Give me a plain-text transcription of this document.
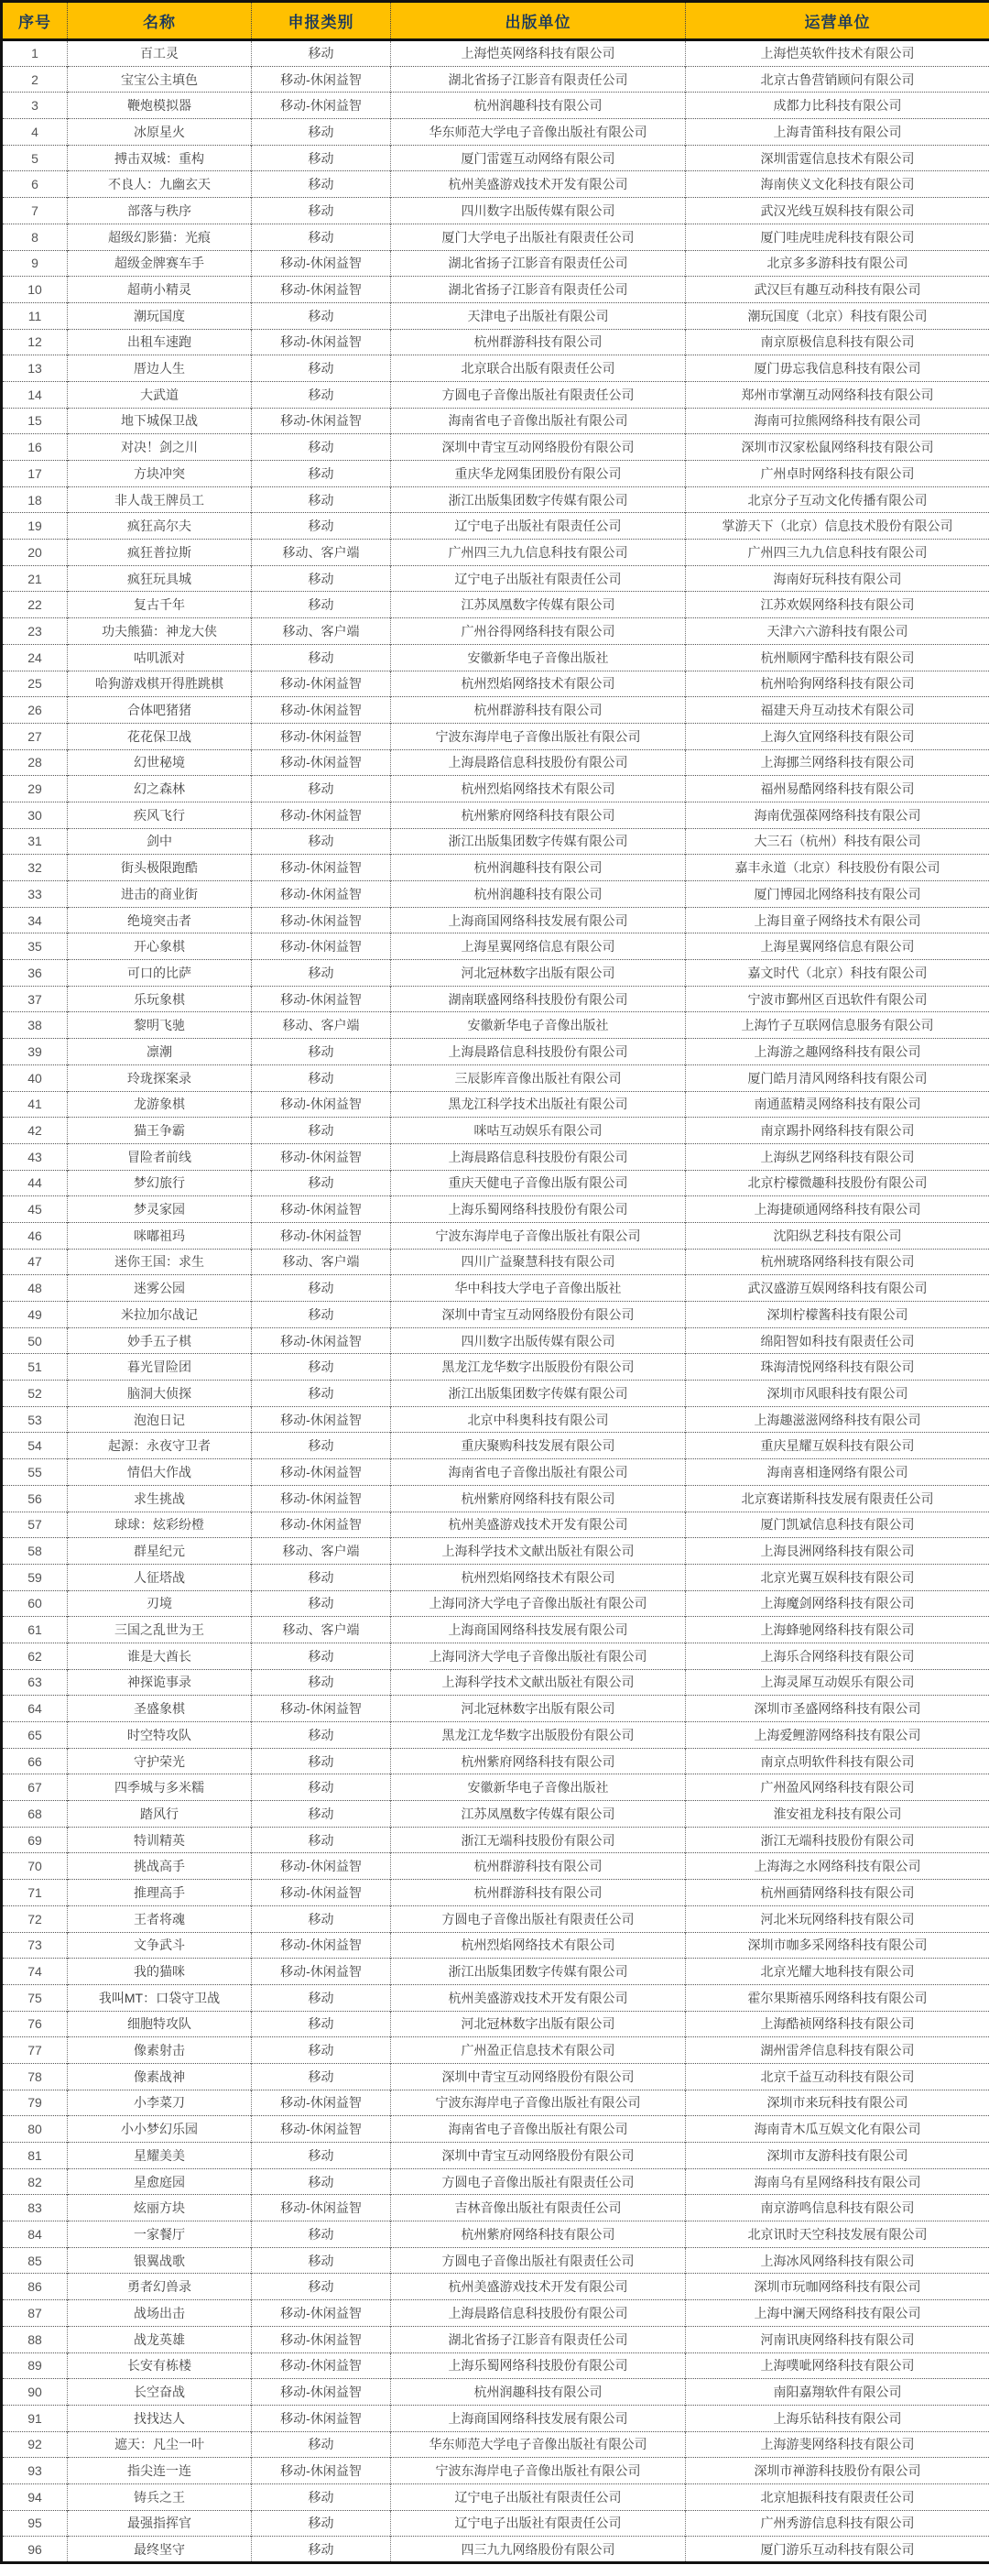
序号	名称	申报类别	出版单位	运营单位
1	百工灵	移动	上海恺英网络科技有限公司	上海恺英软件技术有限公司
2	宝宝公主填色	移动-休闲益智	湖北省扬子江影音有限责任公司	北京古鲁营销顾问有限公司
3	鞭炮模拟器	移动-休闲益智	杭州润趣科技有限公司	成都力比科技有限公司
4	冰原星火	移动	华东师范大学电子音像出版社有限公司	上海青笛科技有限公司
5	搏击双城：重构	移动	厦门雷霆互动网络有限公司	深圳雷霆信息技术有限公司
6	不良人：九幽玄天	移动	杭州美盛游戏技术开发有限公司	海南侠义文化科技有限公司
7	部落与秩序	移动	四川数字出版传媒有限公司	武汉光线互娱科技有限公司
8	超级幻影猫：光痕	移动	厦门大学电子出版社有限责任公司	厦门哇虎哇虎科技有限公司
9	超级金牌赛车手	移动-休闲益智	湖北省扬子江影音有限责任公司	北京多多游科技有限公司
10	超萌小精灵	移动-休闲益智	湖北省扬子江影音有限责任公司	武汉巨有趣互动科技有限公司
11	潮玩国度	移动	天津电子出版社有限公司	潮玩国度（北京）科技有限公司
12	出租车速跑	移动-休闲益智	杭州群游科技有限公司	南京原极信息科技有限公司
13	厝边人生	移动	北京联合出版有限责任公司	厦门毋忘我信息科技有限公司
14	大武道	移动	方圆电子音像出版社有限责任公司	郑州市掌潮互动网络科技有限公司
15	地下城保卫战	移动-休闲益智	海南省电子音像出版社有限公司	海南可拉熊网络科技有限公司
16	对决！剑之川	移动	深圳中青宝互动网络股份有限公司	深圳市汉家松鼠网络科技有限公司
17	方块冲突	移动	重庆华龙网集团股份有限公司	广州卓时网络科技有限公司
18	非人哉王牌员工	移动	浙江出版集团数字传媒有限公司	北京分子互动文化传播有限公司
19	疯狂高尔夫	移动	辽宁电子出版社有限责任公司	掌游天下（北京）信息技术股份有限公司
20	疯狂普拉斯	移动、客户端	广州四三九九信息科技有限公司	广州四三九九信息科技有限公司
21	疯狂玩具城	移动	辽宁电子出版社有限责任公司	海南好玩科技有限公司
22	复古千年	移动	江苏凤凰数字传媒有限公司	江苏欢娱网络科技有限公司
23	功夫熊猫：神龙大侠	移动、客户端	广州谷得网络科技有限公司	天津六六游科技有限公司
24	咕叽派对	移动	安徽新华电子音像出版社	杭州顺网宇酷科技有限公司
25	哈狗游戏棋开得胜跳棋	移动-休闲益智	杭州烈焰网络技术有限公司	杭州哈狗网络科技有限公司
26	合体吧猪猪	移动-休闲益智	杭州群游科技有限公司	福建天舟互动技术有限公司
27	花花保卫战	移动-休闲益智	宁波东海岸电子音像出版社有限公司	上海久宜网络科技有限公司
28	幻世秘境	移动-休闲益智	上海晨路信息科技股份有限公司	上海挪兰网络科技有限公司
29	幻之森林	移动	杭州烈焰网络技术有限公司	福州易酷网络科技有限公司
30	疾风飞行	移动-休闲益智	杭州紫府网络科技有限公司	海南优强葆网络科技有限公司
31	剑中	移动	浙江出版集团数字传媒有限公司	大三石（杭州）科技有限公司
32	街头极限跑酷	移动-休闲益智	杭州润趣科技有限公司	嘉丰永道（北京）科技股份有限公司
33	进击的商业街	移动-休闲益智	杭州润趣科技有限公司	厦门博园北网络科技有限公司
34	绝境突击者	移动-休闲益智	上海商国网络科技发展有限公司	上海目童子网络技术有限公司
35	开心象棋	移动-休闲益智	上海星翼网络信息有限公司	上海星翼网络信息有限公司
36	可口的比萨	移动	河北冠林数字出版有限公司	嘉文时代（北京）科技有限公司
37	乐玩象棋	移动-休闲益智	湖南联盛网络科技股份有限公司	宁波市鄞州区百迅软件有限公司
38	黎明飞驰	移动、客户端	安徽新华电子音像出版社	上海竹子互联网信息服务有限公司
39	凛潮	移动	上海晨路信息科技股份有限公司	上海游之趣网络科技有限公司
40	玲珑探案录	移动	三辰影库音像出版社有限公司	厦门皓月清风网络科技有限公司
41	龙游象棋	移动-休闲益智	黑龙江科学技术出版社有限公司	南通蓝精灵网络科技有限公司
42	猫王争霸	移动	咪咕互动娱乐有限公司	南京踢扑网络科技有限公司
43	冒险者前线	移动-休闲益智	上海晨路信息科技股份有限公司	上海纵艺网络科技有限公司
44	梦幻旅行	移动	重庆天健电子音像出版有限公司	北京柠檬微趣科技股份有限公司
45	梦灵家园	移动-休闲益智	上海乐蜀网络科技股份有限公司	上海捷硕通网络科技有限公司
46	咪嘟祖玛	移动-休闲益智	宁波东海岸电子音像出版社有限公司	沈阳纵艺科技有限公司
47	迷你王国：求生	移动、客户端	四川广益聚慧科技有限公司	杭州琥珞网络科技有限公司
48	迷雾公园	移动	华中科技大学电子音像出版社	武汉盛游互娱网络科技有限公司
49	米拉加尔战记	移动	深圳中青宝互动网络股份有限公司	深圳柠檬酱科技有限公司
50	妙手五子棋	移动-休闲益智	四川数字出版传媒有限公司	绵阳智如科技有限责任公司
51	暮光冒险团	移动	黑龙江龙华数字出版股份有限公司	珠海清悦网络科技有限公司
52	脑洞大侦探	移动	浙江出版集团数字传媒有限公司	深圳市风眼科技有限公司
53	泡泡日记	移动-休闲益智	北京中科奥科技有限公司	上海趣滋滋网络科技有限公司
54	起源：永夜守卫者	移动	重庆聚购科技发展有限公司	重庆星耀互娱科技有限公司
55	情侣大作战	移动-休闲益智	海南省电子音像出版社有限公司	海南喜相逢网络有限公司
56	求生挑战	移动-休闲益智	杭州紫府网络科技有限公司	北京赛诺斯科技发展有限责任公司
57	球球：炫彩纷橙	移动-休闲益智	杭州美盛游戏技术开发有限公司	厦门凯斌信息科技有限公司
58	群星纪元	移动、客户端	上海科学技术文献出版社有限公司	上海艮洲网络科技有限公司
59	人征塔战	移动	杭州烈焰网络技术有限公司	北京光翼互娱科技有限公司
60	刃境	移动	上海同济大学电子音像出版社有限公司	上海魔剑网络科技有限公司
61	三国之乱世为王	移动、客户端	上海商国网络科技发展有限公司	上海蜂驰网络科技有限公司
62	谁是大酋长	移动	上海同济大学电子音像出版社有限公司	上海乐合网络科技有限公司
63	神探诡事录	移动	上海科学技术文献出版社有限公司	上海灵犀互动娱乐有限公司
64	圣盛象棋	移动-休闲益智	河北冠林数字出版有限公司	深圳市圣盛网络科技有限公司
65	时空特攻队	移动	黑龙江龙华数字出版股份有限公司	上海爱鲤游网络科技有限公司
66	守护荣光	移动	杭州紫府网络科技有限公司	南京点明软件科技有限公司
67	四季城与多米糯	移动	安徽新华电子音像出版社	广州盈风网络科技有限公司
68	踏风行	移动	江苏凤凰数字传媒有限公司	淮安祖龙科技有限公司
69	特训精英	移动	浙江无端科技股份有限公司	浙江无端科技股份有限公司
70	挑战高手	移动-休闲益智	杭州群游科技有限公司	上海海之水网络科技有限公司
71	推理高手	移动-休闲益智	杭州群游科技有限公司	杭州画猜网络科技有限公司
72	王者将魂	移动	方圆电子音像出版社有限责任公司	河北米玩网络科技有限公司
73	文争武斗	移动-休闲益智	杭州烈焰网络技术有限公司	深圳市咖多采网络科技有限公司
74	我的猫咪	移动-休闲益智	浙江出版集团数字传媒有限公司	北京光耀大地科技有限公司
75	我叫MT：口袋守卫战	移动	杭州美盛游戏技术开发有限公司	霍尔果斯禧乐网络科技有限公司
76	细胞特攻队	移动	河北冠林数字出版有限公司	上海酷祯网络科技有限公司
77	像素射击	移动	广州盈正信息技术有限公司	湖州雷斧信息科技有限公司
78	像素战神	移动	深圳中青宝互动网络股份有限公司	北京千益互动科技有限公司
79	小李菜刀	移动-休闲益智	宁波东海岸电子音像出版社有限公司	深圳市来玩科技有限公司
80	小小梦幻乐园	移动-休闲益智	海南省电子音像出版社有限公司	海南青木瓜互娱文化有限公司
81	星耀美美	移动	深圳中青宝互动网络股份有限公司	深圳市友游科技有限公司
82	星愈庭园	移动	方圆电子音像出版社有限责任公司	海南乌有星网络科技有限公司
83	炫丽方块	移动-休闲益智	吉林音像出版社有限责任公司	南京游鸣信息科技有限公司
84	一家餐厅	移动	杭州紫府网络科技有限公司	北京讯时天空科技发展有限公司
85	银翼战歌	移动	方圆电子音像出版社有限责任公司	上海冰风网络科技有限公司
86	勇者幻兽录	移动	杭州美盛游戏技术开发有限公司	深圳市玩咖网络科技有限公司
87	战场出击	移动-休闲益智	上海晨路信息科技股份有限公司	上海中澜天网络科技有限公司
88	战龙英雄	移动-休闲益智	湖北省扬子江影音有限责任公司	河南讯庚网络科技有限公司
89	长安有栋楼	移动-休闲益智	上海乐蜀网络科技股份有限公司	上海噗呲网络科技有限公司
90	长空奋战	移动-休闲益智	杭州润趣科技有限公司	南阳嘉翔软件有限公司
91	找找达人	移动-休闲益智	上海商国网络科技发展有限公司	上海乐钻科技有限公司
92	遮天：凡尘一叶	移动	华东师范大学电子音像出版社有限公司	上海游斐网络科技有限公司
93	指尖连一连	移动-休闲益智	宁波东海岸电子音像出版社有限公司	深圳市禅游科技股份有限公司
94	铸兵之王	移动	辽宁电子出版社有限责任公司	北京旭振科技有限责任公司
95	最强指挥官	移动	辽宁电子出版社有限责任公司	广州秀游信息科技有限公司
96	最终坚守	移动	四三九九网络股份有限公司	厦门游乐互动科技有限公司
